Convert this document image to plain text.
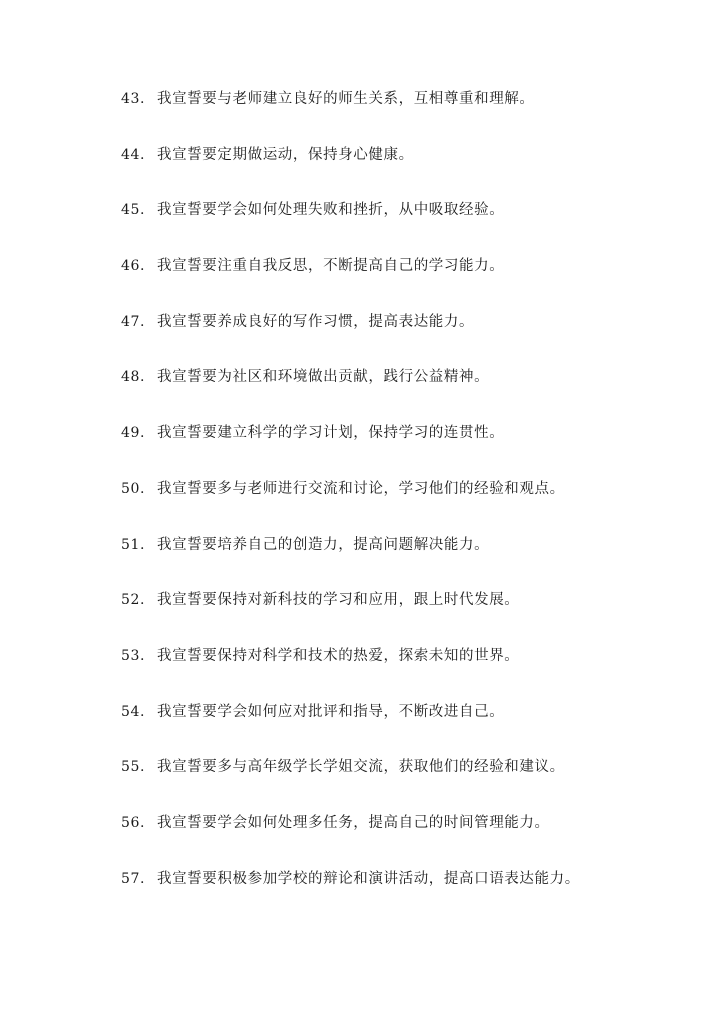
43. 我宣誓要与老师建立良好的师生关系，互相尊重和理解。
44. 我宣誓要定期做运动，保持身心健康。
45. 我宣誓要学会如何处理失败和挫折，从中吸取经验。
46. 我宣誓要注重自我反思，不断提高自己的学习能力。
47. 我宣誓要养成良好的写作习惯，提高表达能力。
48. 我宣誓要为社区和环境做出贡献，践行公益精神。
49. 我宣誓要建立科学的学习计划，保持学习的连贯性。
50. 我宣誓要多与老师进行交流和讨论，学习他们的经验和观点。
51. 我宣誓要培养自己的创造力，提高问题解决能力。
52. 我宣誓要保持对新科技的学习和应用，跟上时代发展。
53. 我宣誓要保持对科学和技术的热爱，探索未知的世界。
54. 我宣誓要学会如何应对批评和指导，不断改进自己。
55. 我宣誓要多与高年级学长学姐交流，获取他们的经验和建议。
56. 我宣誓要学会如何处理多任务，提高自己的时间管理能力。
57. 我宣誓要积极参加学校的辩论和演讲活动，提高口语表达能力。
